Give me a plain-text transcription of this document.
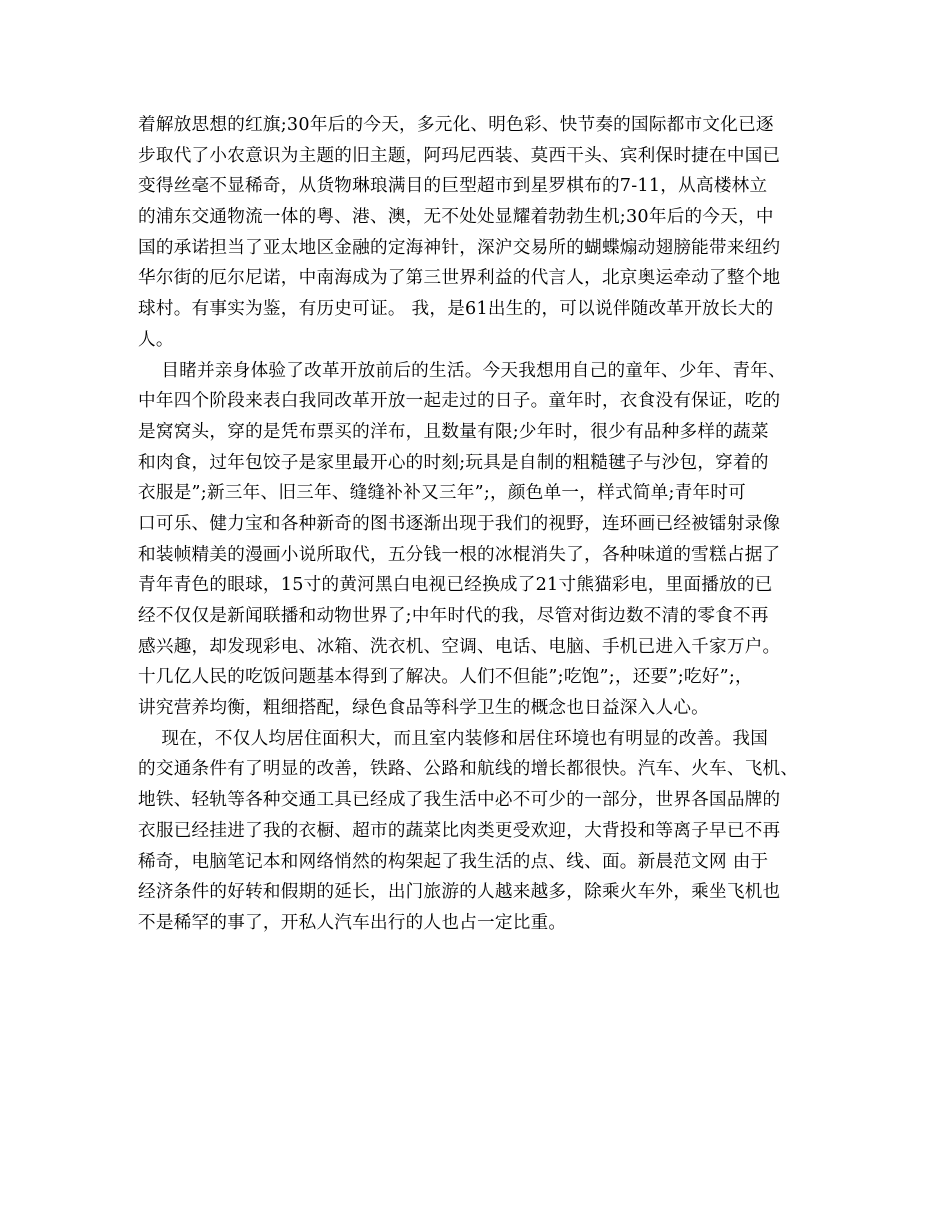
着解放思想的红旗;30年后的今天，多元化、明色彩、快节奏的国际都市文化已逐
步取代了小农意识为主题的旧主题，阿玛尼西装、莫西干头、宾利保时捷在中国已
变得丝毫不显稀奇，从货物琳琅满目的巨型超市到星罗棋布的7-11，从高楼林立
的浦东交通物流一体的粤、港、澳，无不处处显耀着勃勃生机;30年后的今天，中
国的承诺担当了亚太地区金融的定海神针，深沪交易所的蝴蝶煽动翅膀能带来纽约
华尔街的厄尔尼诺，中南海成为了第三世界利益的代言人，北京奥运牵动了整个地
球村。有事实为鉴，有历史可证。 我，是61出生的，可以说伴随改革开放长大的
人。
目睹并亲身体验了改革开放前后的生活。今天我想用自己的童年、少年、青年、
中年四个阶段来表白我同改革开放一起走过的日子。童年时，衣食没有保证，吃的
是窝窝头，穿的是凭布票买的洋布，且数量有限;少年时，很少有品种多样的蔬菜
和肉食，过年包饺子是家里最开心的时刻;玩具是自制的粗糙毽子与沙包，穿着的
衣服是”;新三年、旧三年、缝缝补补又三年”;，颜色单一，样式简单;青年时可
口可乐、健力宝和各种新奇的图书逐渐出现于我们的视野，连环画已经被镭射录像
和装帧精美的漫画小说所取代，五分钱一根的冰棍消失了，各种味道的雪糕占据了
青年青色的眼球，15寸的黄河黑白电视已经换成了21寸熊猫彩电，里面播放的已
经不仅仅是新闻联播和动物世界了;中年时代的我，尽管对街边数不清的零食不再
感兴趣，却发现彩电、冰箱、洗衣机、空调、电话、电脑、手机已进入千家万户。
十几亿人民的吃饭问题基本得到了解决。人们不但能”;吃饱”;，还要”;吃好”;，
讲究营养均衡，粗细搭配，绿色食品等科学卫生的概念也日益深入人心。
现在，不仅人均居住面积大，而且室内装修和居住环境也有明显的改善。我国
的交通条件有了明显的改善，铁路、公路和航线的增长都很快。汽车、火车、飞机、
地铁、轻轨等各种交通工具已经成了我生活中必不可少的一部分，世界各国品牌的
衣服已经挂进了我的衣橱、超市的蔬菜比肉类更受欢迎，大背投和等离子早已不再
稀奇，电脑笔记本和网络悄然的构架起了我生活的点、线、面。新晨范文网 由于
经济条件的好转和假期的延长，出门旅游的人越来越多，除乘火车外，乘坐飞机也
不是稀罕的事了，开私人汽车出行的人也占一定比重。
